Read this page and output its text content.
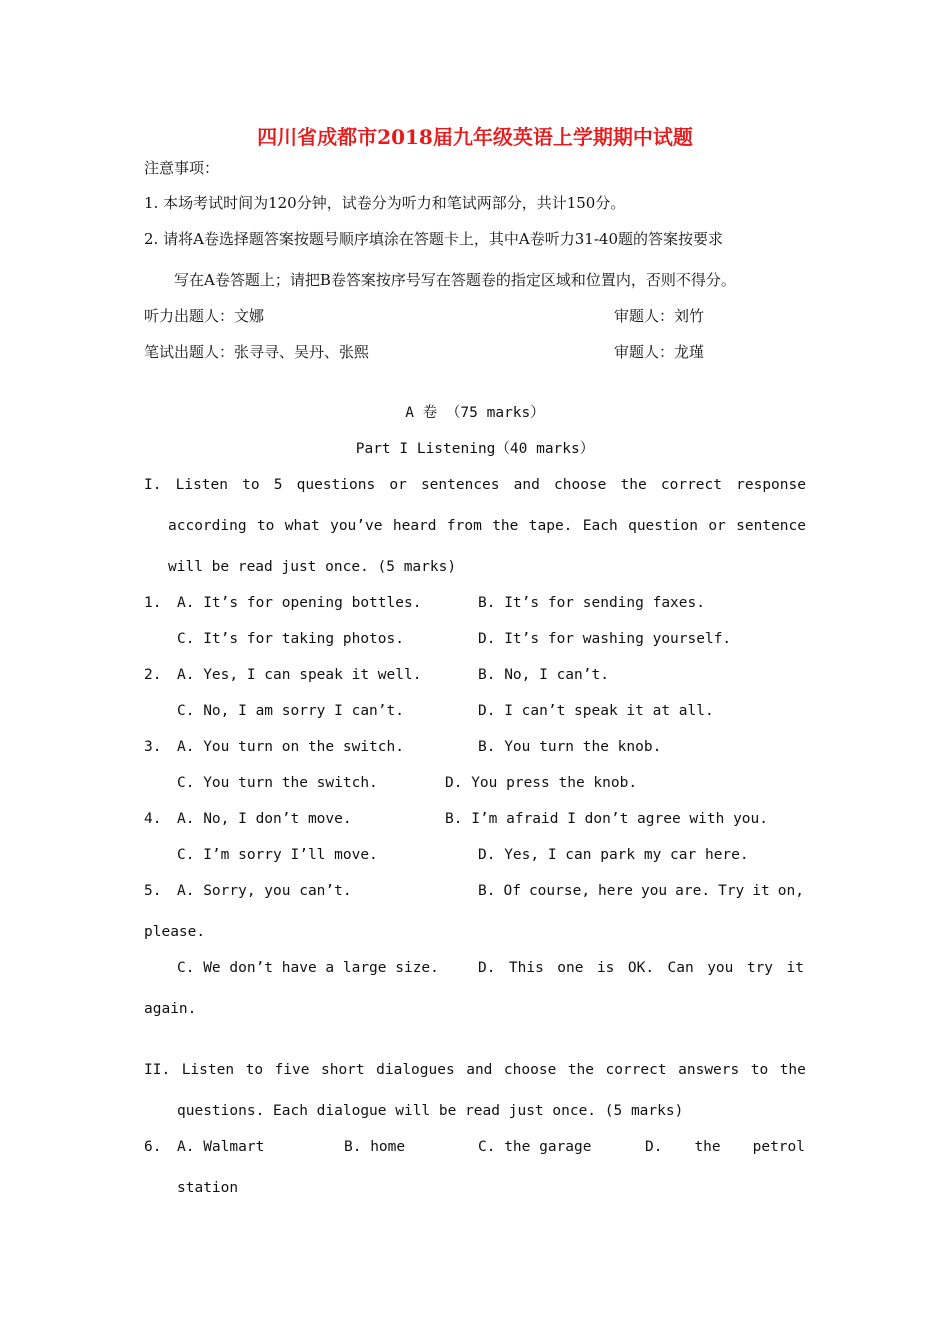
四川省成都市2018届九年级英语上学期期中试题
注意事项：
1. 本场考试时间为120分钟，试卷分为听力和笔试两部分，共计150分。
2. 请将A卷选择题答案按题号顺序填涂在答题卡上，其中A卷听力31-40题的答案按要求
写在A卷答题上；请把B卷答案按序号写在答题卷的指定区域和位置内，否则不得分。
听力出题人：文娜	审题人：刘竹
笔试出题人：张寻寻、吴丹、张熙	审题人：龙瑾
A 卷 （75 marks）
Part I Listening（40 marks）
I. Listen to 5 questions or sentences and choose the correct response
according to what you’ve heard from the tape. Each question or sentence
will be read just once. (5 marks)
1. A. It’s for opening bottles.	B. It’s for sending faxes.
C. It’s for taking photos.	D. It’s for washing yourself.
2. A. Yes, I can speak it well.	B. No, I can’t.
C. No, I am sorry I can’t.	D. I can’t speak it at all.
3. A. You turn on the switch.	B. You turn the knob.
C. You turn the switch.	D. You press the knob.
4. A. No, I don’t move.	B. I’m afraid I don’t agree with you.
C. I’m sorry I’ll move.	D. Yes, I can park my car here.
5. A. Sorry, you can’t.	B. Of course, here you are. Try it on,
please.
C. We don’t have a large size.	D. This one is OK. Can you try it
again.
II. Listen to five short dialogues and choose the correct answers to the
questions. Each dialogue will be read just once. (5 marks)
6. A. Walmart	B. home	C. the garage	D. the petrol
station
